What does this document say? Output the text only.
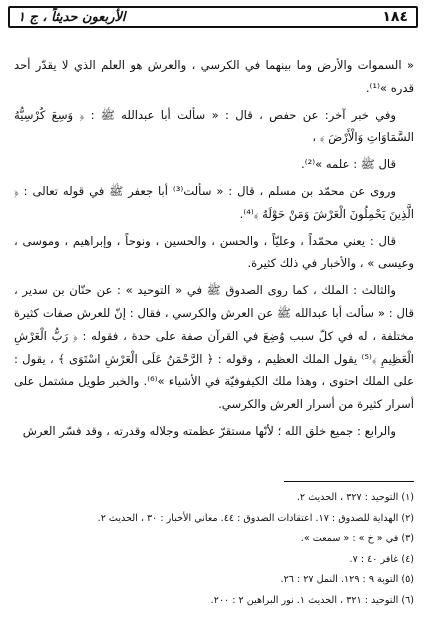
الأربعون حديثاً ، ج ١	١٨٤

« السموات والأرض وما بينهما في الكرسي ، والعرش هو العلم الذي لا يقدّر أحد قدره »⁽¹⁾.

وفي خبر آخر: عن حفص ، قال : « سألت أبا عبدالله ﷺ : ﴿ وَسِعَ كُرْسِيُّهُ السَّمَاوَاتِ وَالْأَرْضَ ﴾ ،

قال ﷺ : علمه »⁽²⁾.

وروى عن محمّد بن مسلم ، قال : « سألت⁽³⁾ أبا جعفر ﷺ في قوله تعالى : ﴿ الَّذِينَ يَحْمِلُونَ الْعَرْشَ وَمَنْ حَوْلَهُ ﴾⁽⁴⁾.

قال : يعني محمّداً ، وعليّاً ، والحسن ، والحسين ، ونوحاً ، وإبراهيم ، وموسى ، وعيسى » ، والأخبار في ذلك كثيرة.

والثالث : الملك ، كما روى الصدوق ﷺ في « التوحيد » : عن حنّان بن سدير ، قال : « سألت أبا عبدالله ﷺ عن العرش والكرسي ، فقال : إنّ للعرش صفات كثيرة مختلفة ، له في كلّ سبب وُضِعَ في القرآن صفة على حدة ، فقوله : ﴿ رَبُّ الْعَرْشِ الْعَظِيمِ ﴾⁽⁵⁾ يقول الملك العظيم ، وقوله : ﴿ الرَّحْمَنُ عَلَى الْعَرْشِ اسْتَوَى ﴾ ، يقول : على الملك احتوى ، وهذا ملك الكيفوفيّة في الأشياء »⁽⁶⁾. والخبر طويل مشتمل على أسرار كثيرة من أسرار العرش والكرسي.

والرابع : جميع خلق الله ؛ لأنّها مستقرّ عظمته وجلاله وقدرته ، وقد فسّر العرش

(١) التوحيد : ٣٢٧ ، الحديث ٢.
(٢) الهداية للصدوق : ١٧. اعتقادات الصدوق : ٤٤. معاني الأخبار : ٣٠ ، الحديث ٢.
(٣) في « خ » : « سمعت ».
(٤) غافر ٤٠ : ٧.
(٥) التوبة ٩ : ١٢٩. النمل ٢٧ : ٢٦.
(٦) التوحيد : ٣٢١ ، الحديث ١. نور البراهين ٢ : ٢٠٠.
